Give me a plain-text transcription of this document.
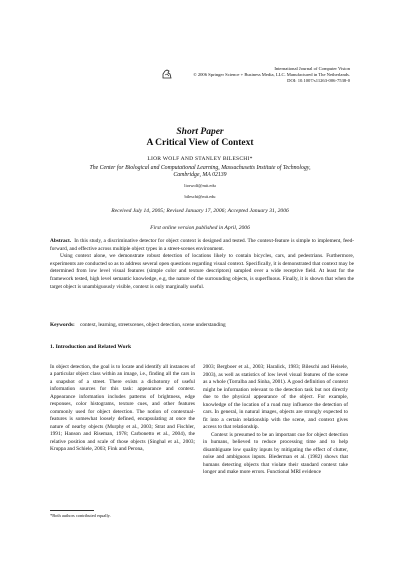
International Journal of Computer Vision
© 2006 Springer Science + Business Media, LLC. Manufactured in The Netherlands.
DOI: 10.1007/s11263-006-7538-0
Short Paper
A Critical View of Context
LIOR WOLF AND STANLEY BILESCHI*
The Center for Biological and Computational Learning, Massachusetts Institute of Technology,
Cambridge, MA 02139
liorwolf@mit.edu
bileschi@mit.edu
Received July 14, 2005; Revised January 17, 2006; Accepted January 31, 2006
First online version published in April, 2006

Abstract. In this study, a discriminative detector for object context is designed and tested. The context-feature is simple to implement, feed-forward, and effective across multiple object types in a street-scenes environment.

Using context alone, we demonstrate robust detection of locations likely to contain bicycles, cars, and pedestrians. Furthermore, experiments are conducted so as to address several open questions regarding visual context. Specifically, it is demonstrated that context may be determined from low level visual features (simple color and texture descriptors) sampled over a wide receptive field. At least for the framework tested, high level semantic knowledge, e.g, the nature of the surrounding objects, is superfluous. Finally, it is shown that when the target object is unambiguously visible, context is only marginally useful.

Keywords: context, learning, streetscenes, object detection, scene understanding
1. Introduction and Related Work

In object detection, the goal is to locate and identify all instances of a particular object class within an image, i.e., finding all the cars in a snapshot of a street. There exists a dichotomy of useful information sources for this task: appearance and context. Appearance information includes patterns of brightness, edge responses, color histograms, texture cues, and other features commonly used for object detection. The notion of contextual-features is somewhat loosely defined, encapsulating at once the nature of nearby objects (Murphy et al., 2003; Strat and Fischler, 1991; Hanson and Riseman, 1978; Carbonetto et al., 2004), the relative position and scale of those objects (Singhal et al., 2003; Kruppa and Schiele, 2003; Fink and Perona,

2003; Bergboer et al., 2003; Haralick, 1983; Bileschi and Heisele, 2003), as well as statistics of low level visual features of the scene as a whole (Torralba and Sinha, 2001). A good definition of context might be information relevant to the detection task but not directly due to the physical appearance of the object. For example, knowledge of the location of a road may influence the detection of cars. In general, in natural images, objects are strongly expected to fit into a certain relationship with the scene, and context gives access to that relationship.

Context is presumed to be an important cue for object detection in humans, believed to reduce processing time and to help disambiguate low quality inputs by mitigating the effect of clutter, noise and ambiguous inputs. Biederman et al. (1982) shows that humans detecting objects that violate their standard context take longer and make more errors. Functional MRI evidence

*Both authors contributed equally.
